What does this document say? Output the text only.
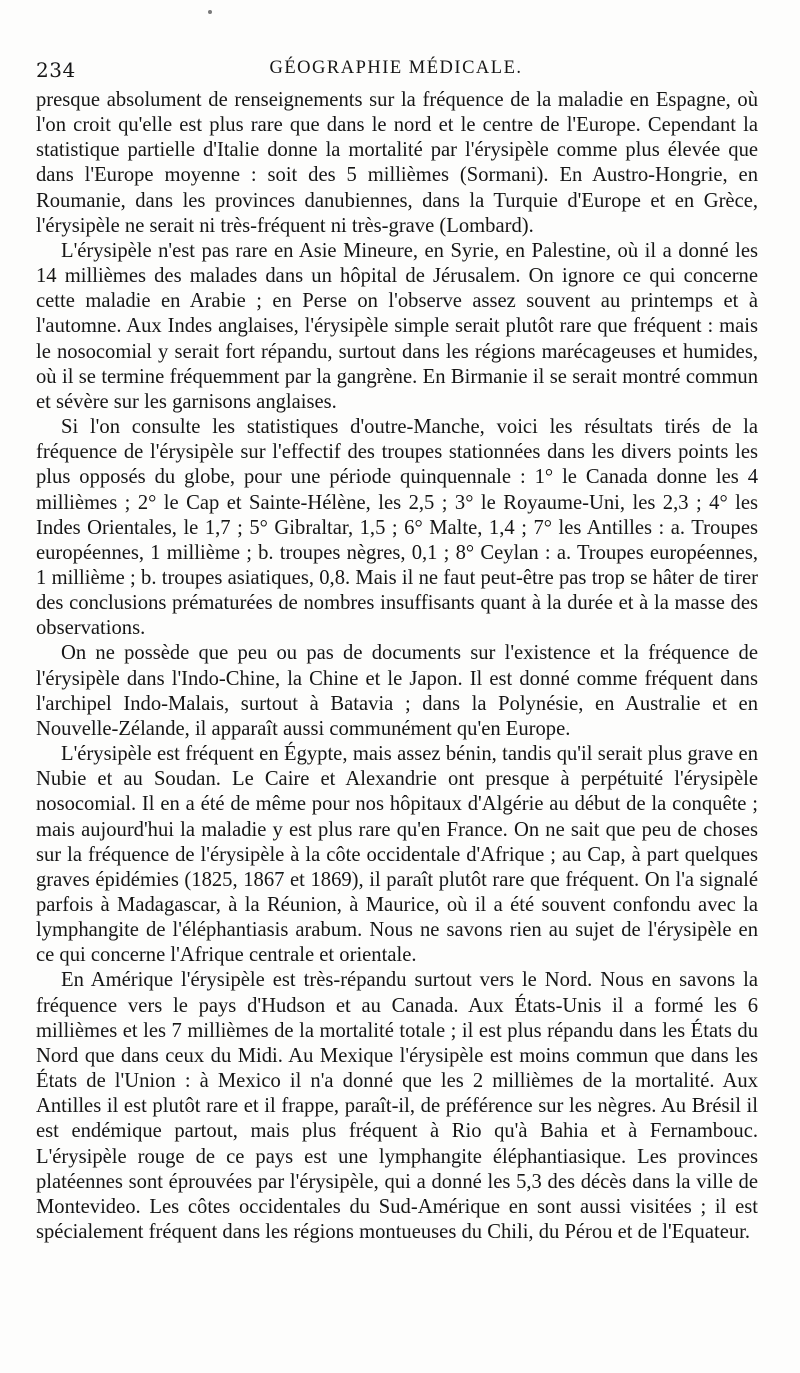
234	GÉOGRAPHIE MÉDICALE.

presque absolument de renseignements sur la fréquence de la maladie en Espagne, où l'on croit qu'elle est plus rare que dans le nord et le centre de l'Europe. Cependant la statistique partielle d'Italie donne la mortalité par l'érysipèle comme plus élevée que dans l'Europe moyenne : soit des 5 millièmes (Sormani). En Austro-Hongrie, en Roumanie, dans les provinces danubiennes, dans la Turquie d'Europe et en Grèce, l'érysipèle ne serait ni très-fréquent ni très-grave (Lombard).

L'érysipèle n'est pas rare en Asie Mineure, en Syrie, en Palestine, où il a donné les 14 millièmes des malades dans un hôpital de Jérusalem. On ignore ce qui concerne cette maladie en Arabie ; en Perse on l'observe assez souvent au printemps et à l'automne. Aux Indes anglaises, l'érysipèle simple serait plutôt rare que fréquent : mais le nosocomial y serait fort répandu, surtout dans les régions marécageuses et humides, où il se termine fréquemment par la gangrène. En Birmanie il se serait montré commun et sévère sur les garnisons anglaises.

Si l'on consulte les statistiques d'outre-Manche, voici les résultats tirés de la fréquence de l'érysipèle sur l'effectif des troupes stationnées dans les divers points les plus opposés du globe, pour une période quinquennale : 1° le Canada donne les 4 millièmes ; 2° le Cap et Sainte-Hélène, les 2,5 ; 3° le Royaume-Uni, les 2,3 ; 4° les Indes Orientales, le 1,7 ; 5° Gibraltar, 1,5 ; 6° Malte, 1,4 ; 7° les Antilles : a. Troupes européennes, 1 millième ; b. troupes nègres, 0,1 ; 8° Ceylan : a. Troupes européennes, 1 millième ; b. troupes asiatiques, 0,8. Mais il ne faut peut-être pas trop se hâter de tirer des conclusions prématurées de nombres insuffisants quant à la durée et à la masse des observations.

On ne possède que peu ou pas de documents sur l'existence et la fréquence de l'érysipèle dans l'Indo-Chine, la Chine et le Japon. Il est donné comme fréquent dans l'archipel Indo-Malais, surtout à Batavia ; dans la Polynésie, en Australie et en Nouvelle-Zélande, il apparaît aussi communément qu'en Europe.

L'érysipèle est fréquent en Égypte, mais assez bénin, tandis qu'il serait plus grave en Nubie et au Soudan. Le Caire et Alexandrie ont presque à perpétuité l'érysipèle nosocomial. Il en a été de même pour nos hôpitaux d'Algérie au début de la conquête ; mais aujourd'hui la maladie y est plus rare qu'en France. On ne sait que peu de choses sur la fréquence de l'érysipèle à la côte occidentale d'Afrique ; au Cap, à part quelques graves épidémies (1825, 1867 et 1869), il paraît plutôt rare que fréquent. On l'a signalé parfois à Madagascar, à la Réunion, à Maurice, où il a été souvent confondu avec la lymphangite de l'éléphantiasis arabum. Nous ne savons rien au sujet de l'érysipèle en ce qui concerne l'Afrique centrale et orientale.

En Amérique l'érysipèle est très-répandu surtout vers le Nord. Nous en savons la fréquence vers le pays d'Hudson et au Canada. Aux États-Unis il a formé les 6 millièmes et les 7 millièmes de la mortalité totale ; il est plus répandu dans les États du Nord que dans ceux du Midi. Au Mexique l'érysipèle est moins commun que dans les États de l'Union : à Mexico il n'a donné que les 2 millièmes de la mortalité. Aux Antilles il est plutôt rare et il frappe, paraît-il, de préférence sur les nègres. Au Brésil il est endémique partout, mais plus fréquent à Rio qu'à Bahia et à Fernambouc. L'érysipèle rouge de ce pays est une lymphangite éléphantiasique. Les provinces platéennes sont éprouvées par l'érysipèle, qui a donné les 5,3 des décès dans la ville de Montevideo. Les côtes occidentales du Sud-Amérique en sont aussi visitées ; il est spécialement fréquent dans les régions montueuses du Chili, du Pérou et de l'Equateur.
